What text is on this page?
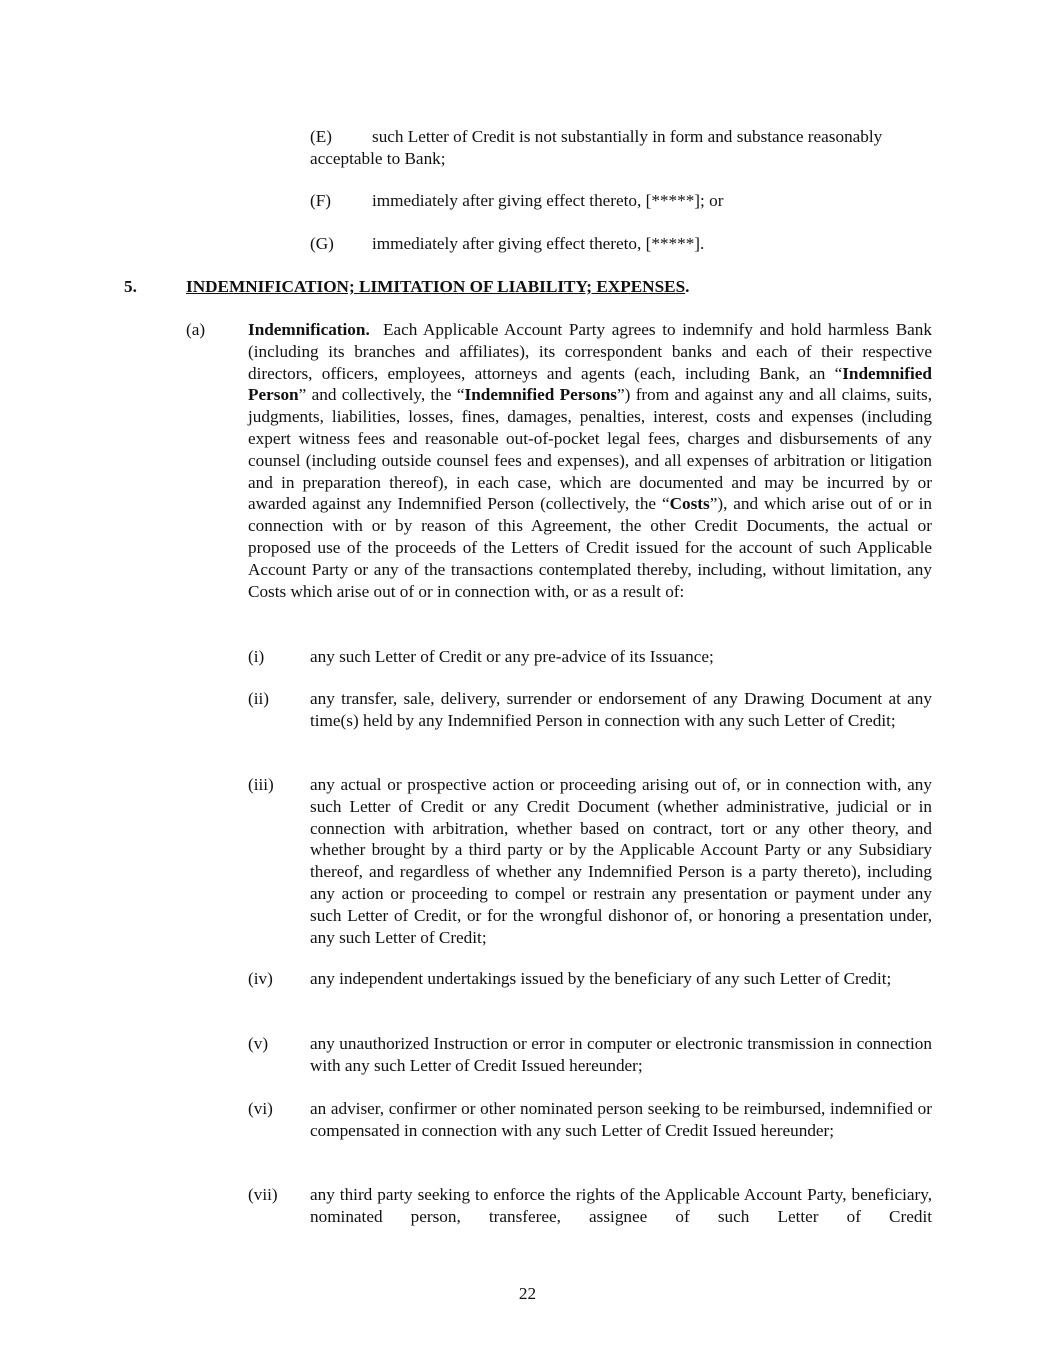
(E)	such Letter of Credit is not substantially in form and substance reasonably acceptable to Bank;
(F) immediately after giving effect thereto, [*****]; or
(G) immediately after giving effect thereto, [*****].
5.	INDEMNIFICATION; LIMITATION OF LIABILITY; EXPENSES.
(a) Indemnification.  Each Applicable Account Party agrees to indemnify and hold harmless Bank (including its branches and affiliates), its correspondent banks and each of their respective directors, officers, employees, attorneys and agents (each, including Bank, an “Indemnified Person” and collectively, the “Indemnified Persons”) from and against any and all claims, suits, judgments, liabilities, losses, fines, damages, penalties, interest, costs and expenses (including expert witness fees and reasonable out-of-pocket legal fees, charges and disbursements of any counsel (including outside counsel fees and expenses), and all expenses of arbitration or litigation and in preparation thereof), in each case, which are documented and may be incurred by or awarded against any Indemnified Person (collectively, the “Costs”), and which arise out of or in connection with or by reason of this Agreement, the other Credit Documents, the actual or proposed use of the proceeds of the Letters of Credit issued for the account of such Applicable Account Party or any of the transactions contemplated thereby, including, without limitation, any Costs which arise out of or in connection with, or as a result of:
(i)	any such Letter of Credit or any pre-advice of its Issuance;
(ii) any transfer, sale, delivery, surrender or endorsement of any Drawing Document at any time(s) held by any Indemnified Person in connection with any such Letter of Credit;
(iii) any actual or prospective action or proceeding arising out of, or in connection with, any such Letter of Credit or any Credit Document (whether administrative, judicial or in connection with arbitration, whether based on contract, tort or any other theory, and whether brought by a third party or by the Applicable Account Party or any Subsidiary thereof, and regardless of whether any Indemnified Person is a party thereto), including any action or proceeding to compel or restrain any presentation or payment under any such Letter of Credit, or for the wrongful dishonor of, or honoring a presentation under, any such Letter of Credit;
(iv) any independent undertakings issued by the beneficiary of any such Letter of Credit;
(v) any unauthorized Instruction or error in computer or electronic transmission in connection with any such Letter of Credit Issued hereunder;
(vi) an adviser, confirmer or other nominated person seeking to be reimbursed, indemnified or compensated in connection with any such Letter of Credit Issued hereunder;
(vii) any third party seeking to enforce the rights of the Applicable Account Party, beneficiary, nominated person, transferee, assignee of such Letter of Credit
22
